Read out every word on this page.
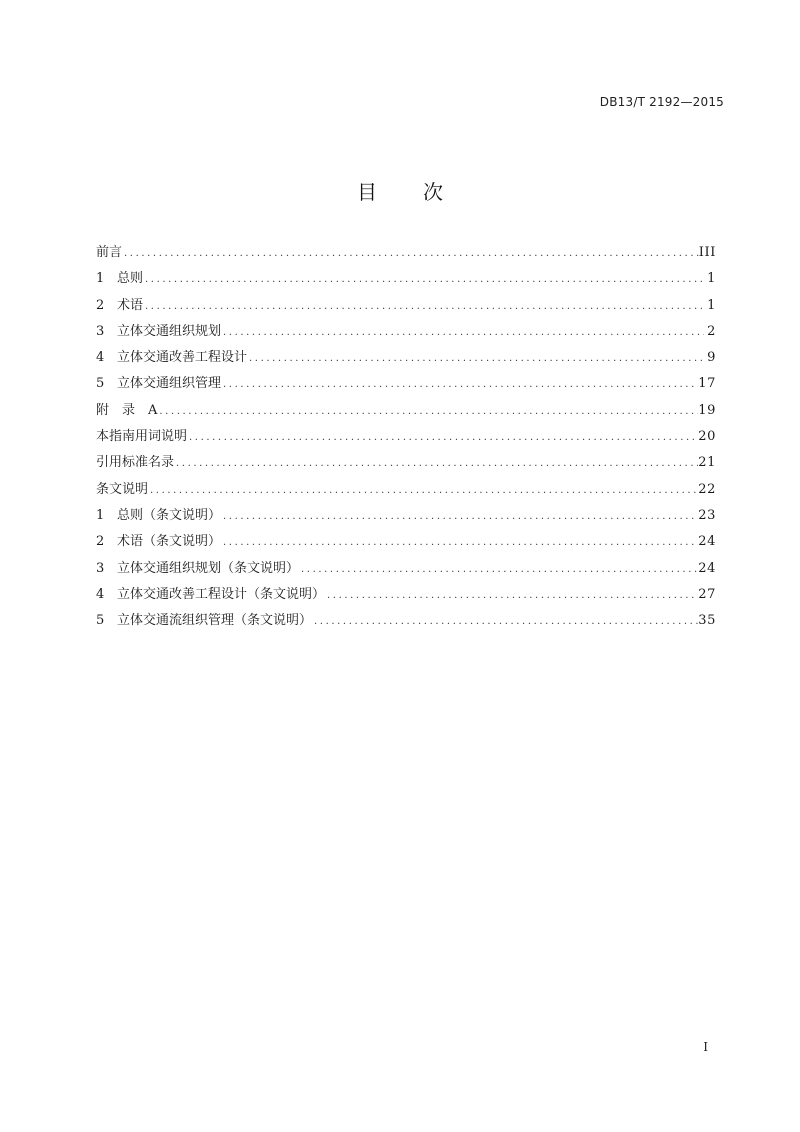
DB13/T 2192—2015
目次
前言 .....	III
1 总则 .....	1
2 术语 .....	1
3 立体交通组织规划 .....	2
4 立体交通改善工程设计 .....	9
5 立体交通组织管理 .....	17
附　录　A .....	19
本指南用词说明 .....	20
引用标准名录 .....	21
条文说明 .....	22
1 总则（条文说明） .....	23
2 术语（条文说明） .....	24
3 立体交通组织规划（条文说明） .....	24
4 立体交通改善工程设计（条文说明） .....	27
5 立体交通流组织管理（条文说明） .....	35
I
